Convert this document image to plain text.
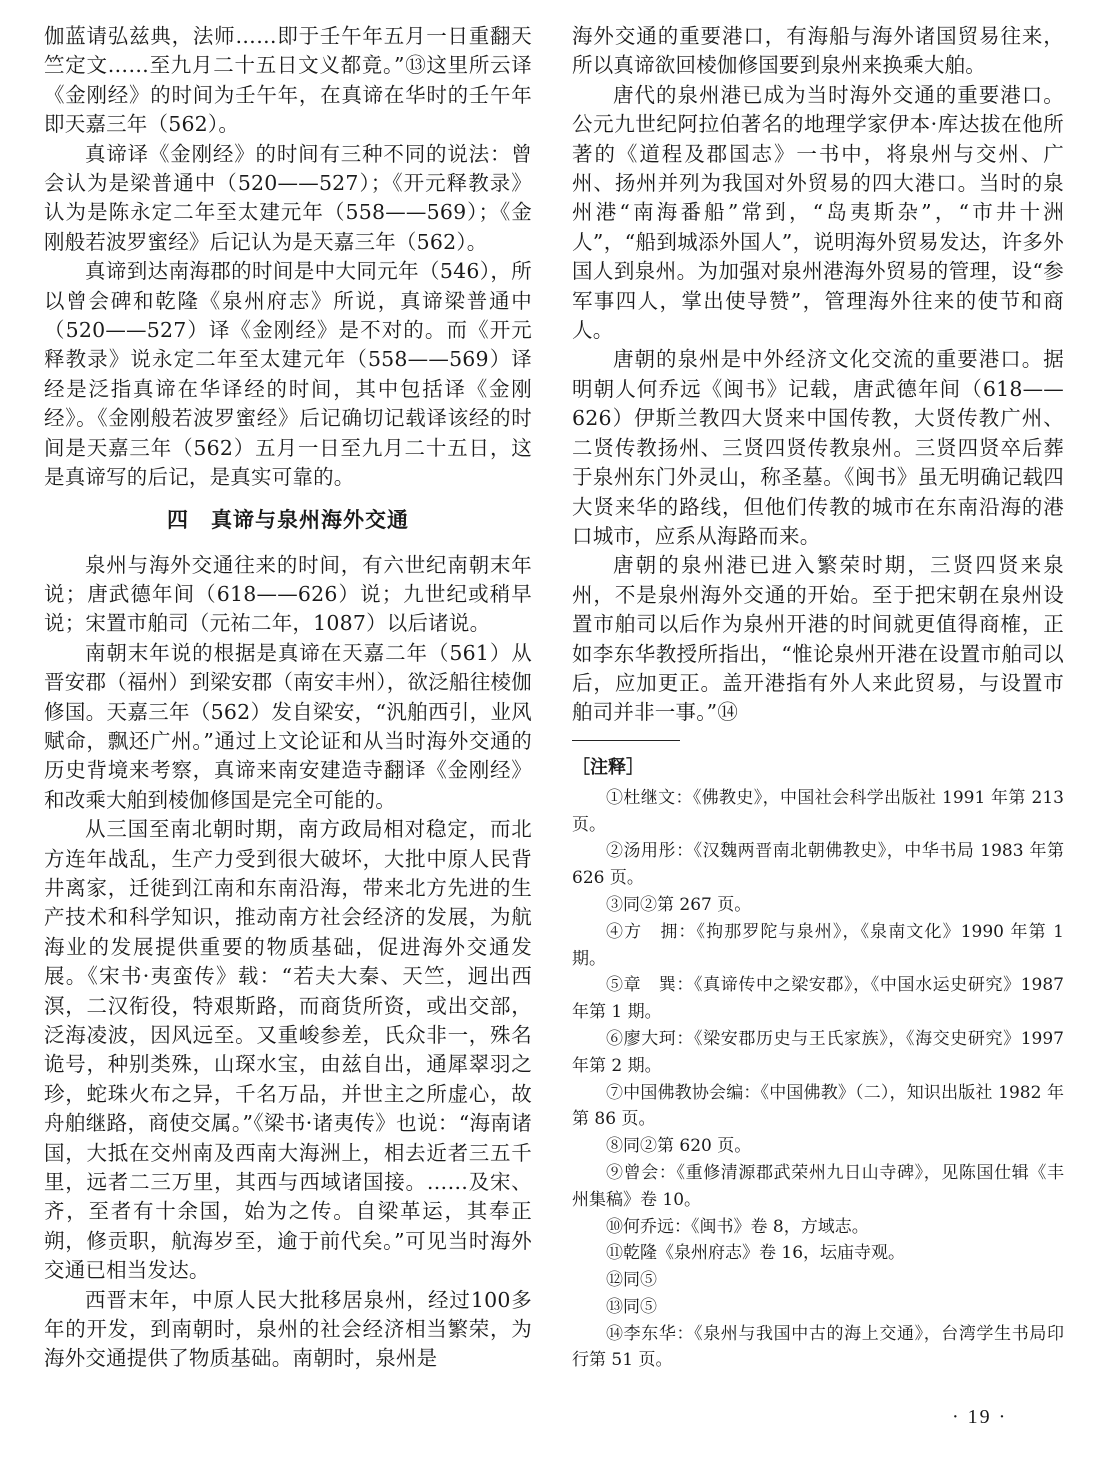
伽蓝请弘兹典，法师……即于壬午年五月一日重翻天竺定文……至九月二十五日文义都竟。”⑬这里所云译《金刚经》的时间为壬午年，在真谛在华时的壬午年即天嘉三年（562）。

真谛译《金刚经》的时间有三种不同的说法：曾会认为是梁普通中（520——527）；《开元释教录》认为是陈永定二年至太建元年（558——569）；《金刚般若波罗蜜经》后记认为是天嘉三年（562）。

真谛到达南海郡的时间是中大同元年（546），所以曾会碑和乾隆《泉州府志》所说，真谛梁普通中（520——527）译《金刚经》是不对的。而《开元释教录》说永定二年至太建元年（558——569）译经是泛指真谛在华译经的时间，其中包括译《金刚经》。《金刚般若波罗蜜经》后记确切记载译该经的时间是天嘉三年（562）五月一日至九月二十五日，这是真谛写的后记，是真实可靠的。

四　真谛与泉州海外交通

泉州与海外交通往来的时间，有六世纪南朝末年说；唐武德年间（618——626）说；九世纪或稍早说；宋置市舶司（元祐二年，1087）以后诸说。

南朝末年说的根据是真谛在天嘉二年（561）从晋安郡（福州）到梁安郡（南安丰州），欲泛船往棱伽修国。天嘉三年（562）发自梁安，“汎舶西引，业风赋命，飘还广州。”通过上文论证和从当时海外交通的历史背境来考察，真谛来南安建造寺翻译《金刚经》和改乘大舶到棱伽修国是完全可能的。

从三国至南北朝时期，南方政局相对稳定，而北方连年战乱，生产力受到很大破坏，大批中原人民背井离家，迁徙到江南和东南沿海，带来北方先进的生产技术和科学知识，推动南方社会经济的发展，为航海业的发展提供重要的物质基础，促进海外交通发展。《宋书·夷蛮传》载：“若夫大秦、天竺，迥出西溟，二汉衔役，特艰斯路，而商货所资，或出交部，泛海凌波，因风远至。又重峻参差，氏众非一，殊名诡号，种别类殊，山琛水宝，由兹自出，通犀翠羽之珍，蛇珠火布之异，千名万品，并世主之所虚心，故舟舶继路，商使交属。”《梁书·诸夷传》也说：“海南诸国，大抵在交州南及西南大海洲上，相去近者三五千里，远者二三万里，其西与西域诸国接。……及宋、齐，至者有十余国，始为之传。自梁革运，其奉正朔，修贡职，航海岁至，逾于前代矣。”可见当时海外交通已相当发达。

西晋末年，中原人民大批移居泉州，经过100多年的开发，到南朝时，泉州的社会经济相当繁荣，为海外交通提供了物质基础。南朝时，泉州是

海外交通的重要港口，有海船与海外诸国贸易往来，所以真谛欲回棱伽修国要到泉州来换乘大舶。

唐代的泉州港已成为当时海外交通的重要港口。公元九世纪阿拉伯著名的地理学家伊本·库达拔在他所著的《道程及郡国志》一书中，将泉州与交州、广州、扬州并列为我国对外贸易的四大港口。当时的泉州港“南海番船”常到，“岛夷斯杂”，“市井十洲人”，“船到城添外国人”，说明海外贸易发达，许多外国人到泉州。为加强对泉州港海外贸易的管理，设“参军事四人，掌出使导赞”，管理海外往来的使节和商人。

唐朝的泉州是中外经济文化交流的重要港口。据明朝人何乔远《闽书》记载，唐武德年间（618——626）伊斯兰教四大贤来中国传教，大贤传教广州、二贤传教扬州、三贤四贤传教泉州。三贤四贤卒后葬于泉州东门外灵山，称圣墓。《闽书》虽无明确记载四大贤来华的路线，但他们传教的城市在东南沿海的港口城市，应系从海路而来。

唐朝的泉州港已进入繁荣时期，三贤四贤来泉州，不是泉州海外交通的开始。至于把宋朝在泉州设置市舶司以后作为泉州开港的时间就更值得商榷，正如李东华教授所指出，“惟论泉州开港在设置市舶司以后，应加更正。盖开港指有外人来此贸易，与设置市舶司并非一事。”⑭

［注释］

①杜继文：《佛教史》，中国社会科学出版社 1991 年第 213 页。

②汤用彤：《汉魏两晋南北朝佛教史》，中华书局 1983 年第 626 页。

③同②第 267 页。

④方　拥：《拘那罗陀与泉州》，《泉南文化》1990 年第 1 期。

⑤章　巽：《真谛传中之梁安郡》，《中国水运史研究》1987 年第 1 期。

⑥廖大珂：《梁安郡历史与王氏家族》，《海交史研究》1997 年第 2 期。

⑦中国佛教协会编：《中国佛教》（二），知识出版社 1982 年第 86 页。

⑧同②第 620 页。

⑨曾会：《重修清源郡武荣州九日山寺碑》，见陈国仕辑《丰州集稿》卷 10。

⑩何乔远：《闽书》卷 8，方域志。

⑪乾隆《泉州府志》卷 16，坛庙寺观。

⑫同⑤

⑬同⑤

⑭李东华：《泉州与我国中古的海上交通》，台湾学生书局印行第 51 页。

· 19 ·
